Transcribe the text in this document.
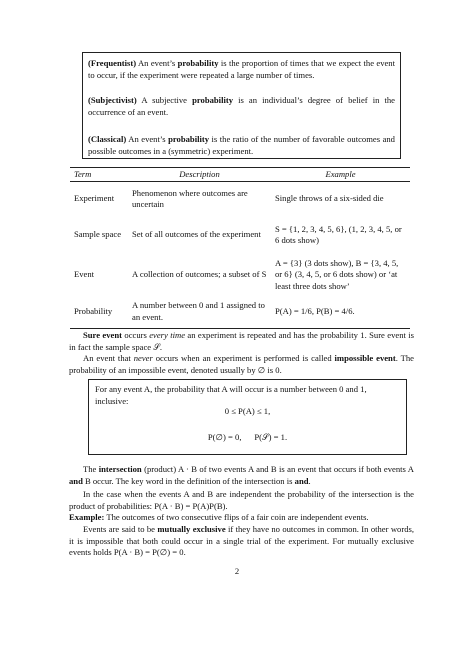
(Frequentist) An event’s probability is the proportion of times that we expect the event to occur, if the experiment were repeated a large number of times.

(Subjectivist) A subjective probability is an individual’s degree of belief in the occurrence of an event.

(Classical) An event’s probability is the ratio of the number of favorable outcomes and possible outcomes in a (symmetric) experiment.

Term	Description	Example
Experiment	Phenomenon where outcomes are uncertain	Single throws of a six-sided die
Sample space	Set of all outcomes of the experiment	S = {1, 2, 3, 4, 5, 6}, (1, 2, 3, 4, 5, or 6 dots show)
Event	A collection of outcomes; a subset of S	A = {3} (3 dots show), B = {3, 4, 5, or 6} (3, 4, 5, or 6 dots show) or ‘at least three dots show’
Probability	A number between 0 and 1 assigned to an event.	P(A) = 1/6, P(B) = 4/6.

Sure event occurs every time an experiment is repeated and has the probability 1. Sure event is in fact the sample space 𝒮.

An event that never occurs when an experiment is performed is called impossible event. The probability of an impossible event, denoted usually by ∅ is 0.

For any event A, the probability that A will occur is a number between 0 and 1, inclusive:
0 ≤ P(A) ≤ 1,
P(∅) = 0,      P(𝒮) = 1.

The intersection (product) A · B of two events A and B is an event that occurs if both events A and B occur. The key word in the definition of the intersection is and.

In the case when the events A and B are independent the probability of the intersection is the product of probabilities: P(A · B) = P(A)P(B).

Example: The outcomes of two consecutive flips of a fair coin are independent events.

Events are said to be mutually exclusive if they have no outcomes in common. In other words, it is impossible that both could occur in a single trial of the experiment. For mutually exclusive events holds P(A · B) = P(∅) = 0.

2
